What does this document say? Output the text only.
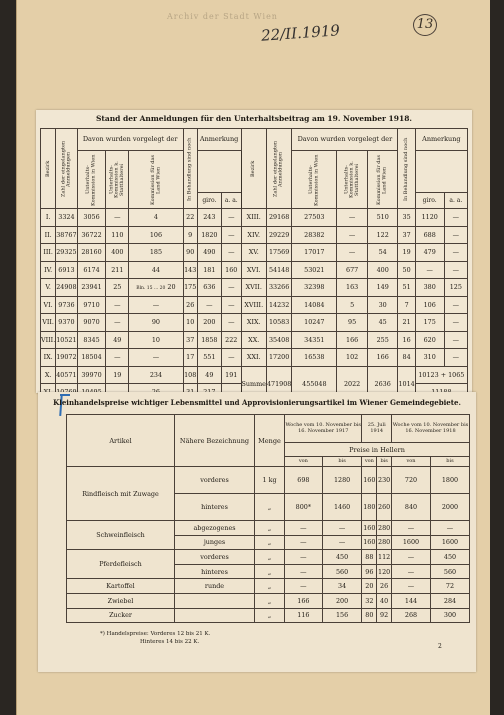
Archiv der Stadt Wien
22/II.1919	13
Stand der Anmeldungen für den Unterhaltsbeitrag am 19. November 1918.
Bezirk	Zahl der eingelangten Anmeldungen	Davon wurden vorgelegt der			In Behandlung sind noch	Anmerkung		Bezirk	Zahl der eingelangten Anmeldungen	Davon wurden vorgelegt der			In Behandlung sind noch	Anmerkung	
		Unterhalts-Kommission in Wien	Unterhalts-Kommission k. Statthalterei	Kommission für das Land Wien						Unterhalts-Kommission in Wien	Unterhalts-Kommission k. Statthalterei	Kommission für das Land Wien			
						giro.	a. a.							giro.	a. a.
I.	3324	3056	—	4	22	243	—	XIII.	29168	27503	—	510	35	1120	—
II.	38767	36722	110	106	9	1820	—	XIV.	29229	28382	—	122	37	688	—
III.	29325	28160	400	185	90	490	—	XV.	17569	17017	—	54	19	479	—
IV.	6913	6174	211	44	143	181	160	XVI.	54148	53021	677	400	50	—	—
V.	24908	23941	25	Bln. 15 ... 20 20	175	636	—	XVII.	33266	32398	163	149	51	380	125
VI.	9736	9710	—	—	26	—	—	XVIII.	14232	14084	5	30	7	106	—
VII.	9370	9070	—	90	10	200	—	XIX.	10583	10247	95	45	21	175	—
VIII.	10521	8345	49	10	37	1858	222	XX.	35408	34351	166	255	16	620	—
IX.	19072	18504	—	—	17	551	—	XXI.	17200	16538	102	166	84	310	—
X.	40571	39970	19	234	108	49	191	Summe	471908	455048	2022	2636	1014	10123 + 1065	

Kleinhandelspreise wichtiger Lebensmittel und Approvisionierungsartikel im Wiener Gemeindegebiete.
Artikel	Nähere Bezeichnung	Menge	Woche vom 10. November bis 16. November 1917		25. Juli 1914		Woche vom 10. November bis 16. November 1918	
			Preise in Hellern					
			von	bis	von	bis	von	bis
Rindfleisch mit Zuwage	vorderes	1 kg	698	1280	160	230	720	1800
	hinteres	„	800*	1460	180	260	840	2000
Schweinfleisch	abgezogenes	„	—	—	160	280	—	—
	junges	„	—	—	160	280	1600	1600
Pferdefleisch	vorderes	„	—	450	88	112	—	450
	hinteres	„	—	560	96	120	—	560
Kartoffel	runde	„	—	34	20	26	—	72
Zwiebel		„	166	200	32	40	144	284
Zucker		„	116	156	80	92	268	300
*) Handelspreise: Vorderes 12 bis 21 K.
Hinteres 14 bis 22 K.
2
